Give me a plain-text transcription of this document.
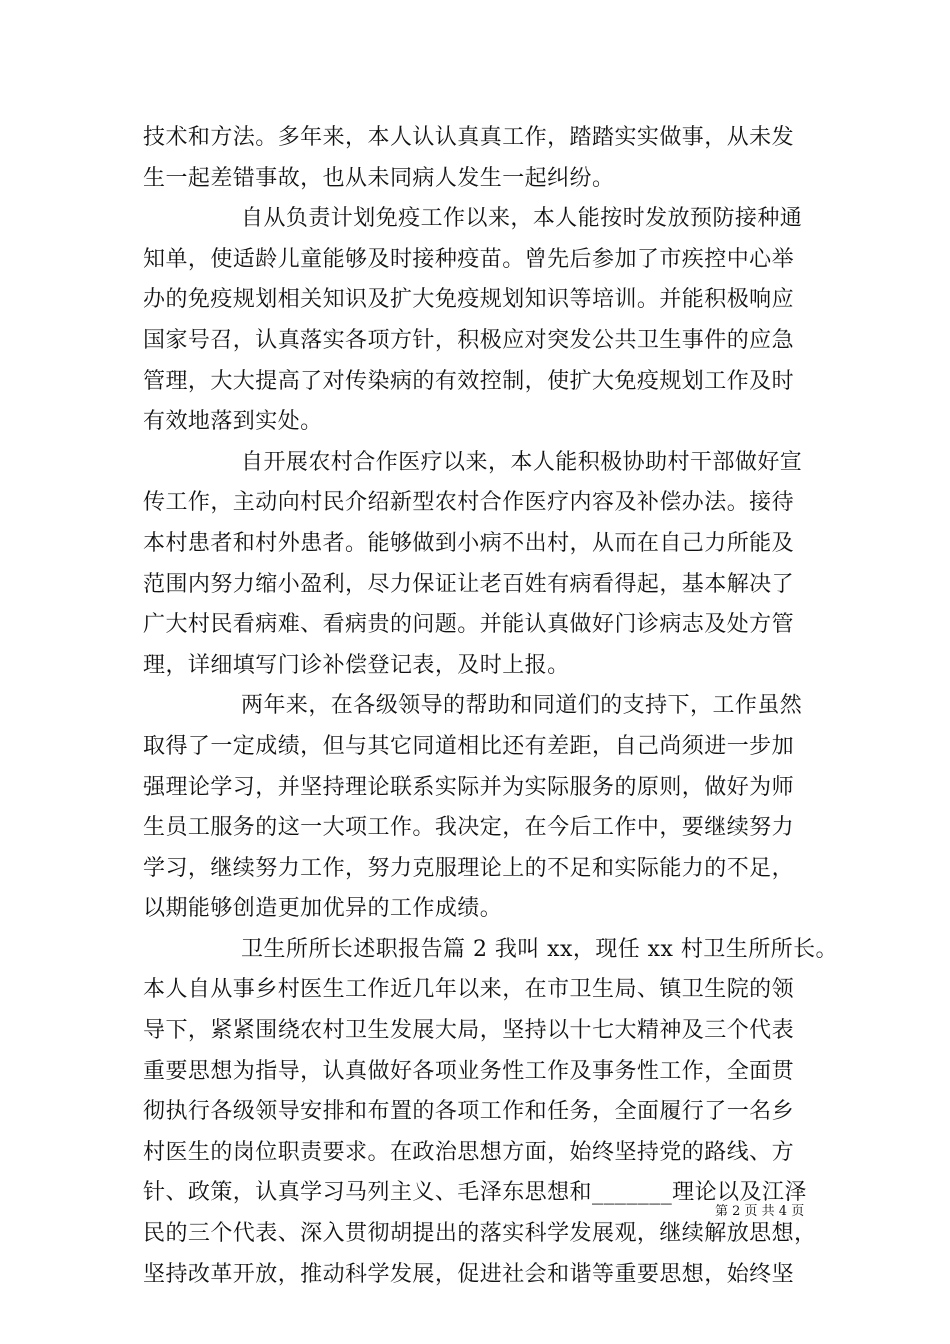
技术和方法。多年来，本人认认真真工作，踏踏实实做事，从未发
生一起差错事故，也从未同病人发生一起纠纷。
自从负责计划免疫工作以来，本人能按时发放预防接种通
知单，使适龄儿童能够及时接种疫苗。曾先后参加了市疾控中心举
办的免疫规划相关知识及扩大免疫规划知识等培训。并能积极响应
国家号召，认真落实各项方针，积极应对突发公共卫生事件的应急
管理，大大提高了对传染病的有效控制，使扩大免疫规划工作及时
有效地落到实处。
自开展农村合作医疗以来，本人能积极协助村干部做好宣
传工作，主动向村民介绍新型农村合作医疗内容及补偿办法。接待
本村患者和村外患者。能够做到小病不出村，从而在自己力所能及
范围内努力缩小盈利，尽力保证让老百姓有病看得起，基本解决了
广大村民看病难、看病贵的问题。并能认真做好门诊病志及处方管
理，详细填写门诊补偿登记表，及时上报。
两年来，在各级领导的帮助和同道们的支持下，工作虽然
取得了一定成绩，但与其它同道相比还有差距，自己尚须进一步加
强理论学习，并坚持理论联系实际并为实际服务的原则，做好为师
生员工服务的这一大项工作。我决定，在今后工作中，要继续努力
学习，继续努力工作，努力克服理论上的不足和实际能力的不足，
以期能够创造更加优异的工作成绩。
卫生所所长述职报告篇 2 我叫 xx，现任 xx 村卫生所所长。
本人自从事乡村医生工作近几年以来，在市卫生局、镇卫生院的领
导下，紧紧围绕农村卫生发展大局，坚持以十七大精神及三个代表
重要思想为指导，认真做好各项业务性工作及事务性工作，全面贯
彻执行各级领导安排和布置的各项工作和任务，全面履行了一名乡
村医生的岗位职责要求。在政治思想方面，始终坚持党的路线、方
针、政策，认真学习马列主义、毛泽东思想和_______理论以及江泽
民的三个代表、深入贯彻胡提出的落实科学发展观，继续解放思想，
坚持改革开放，推动科学发展，促进社会和谐等重要思想，始终坚
第 2 页 共 4 页
